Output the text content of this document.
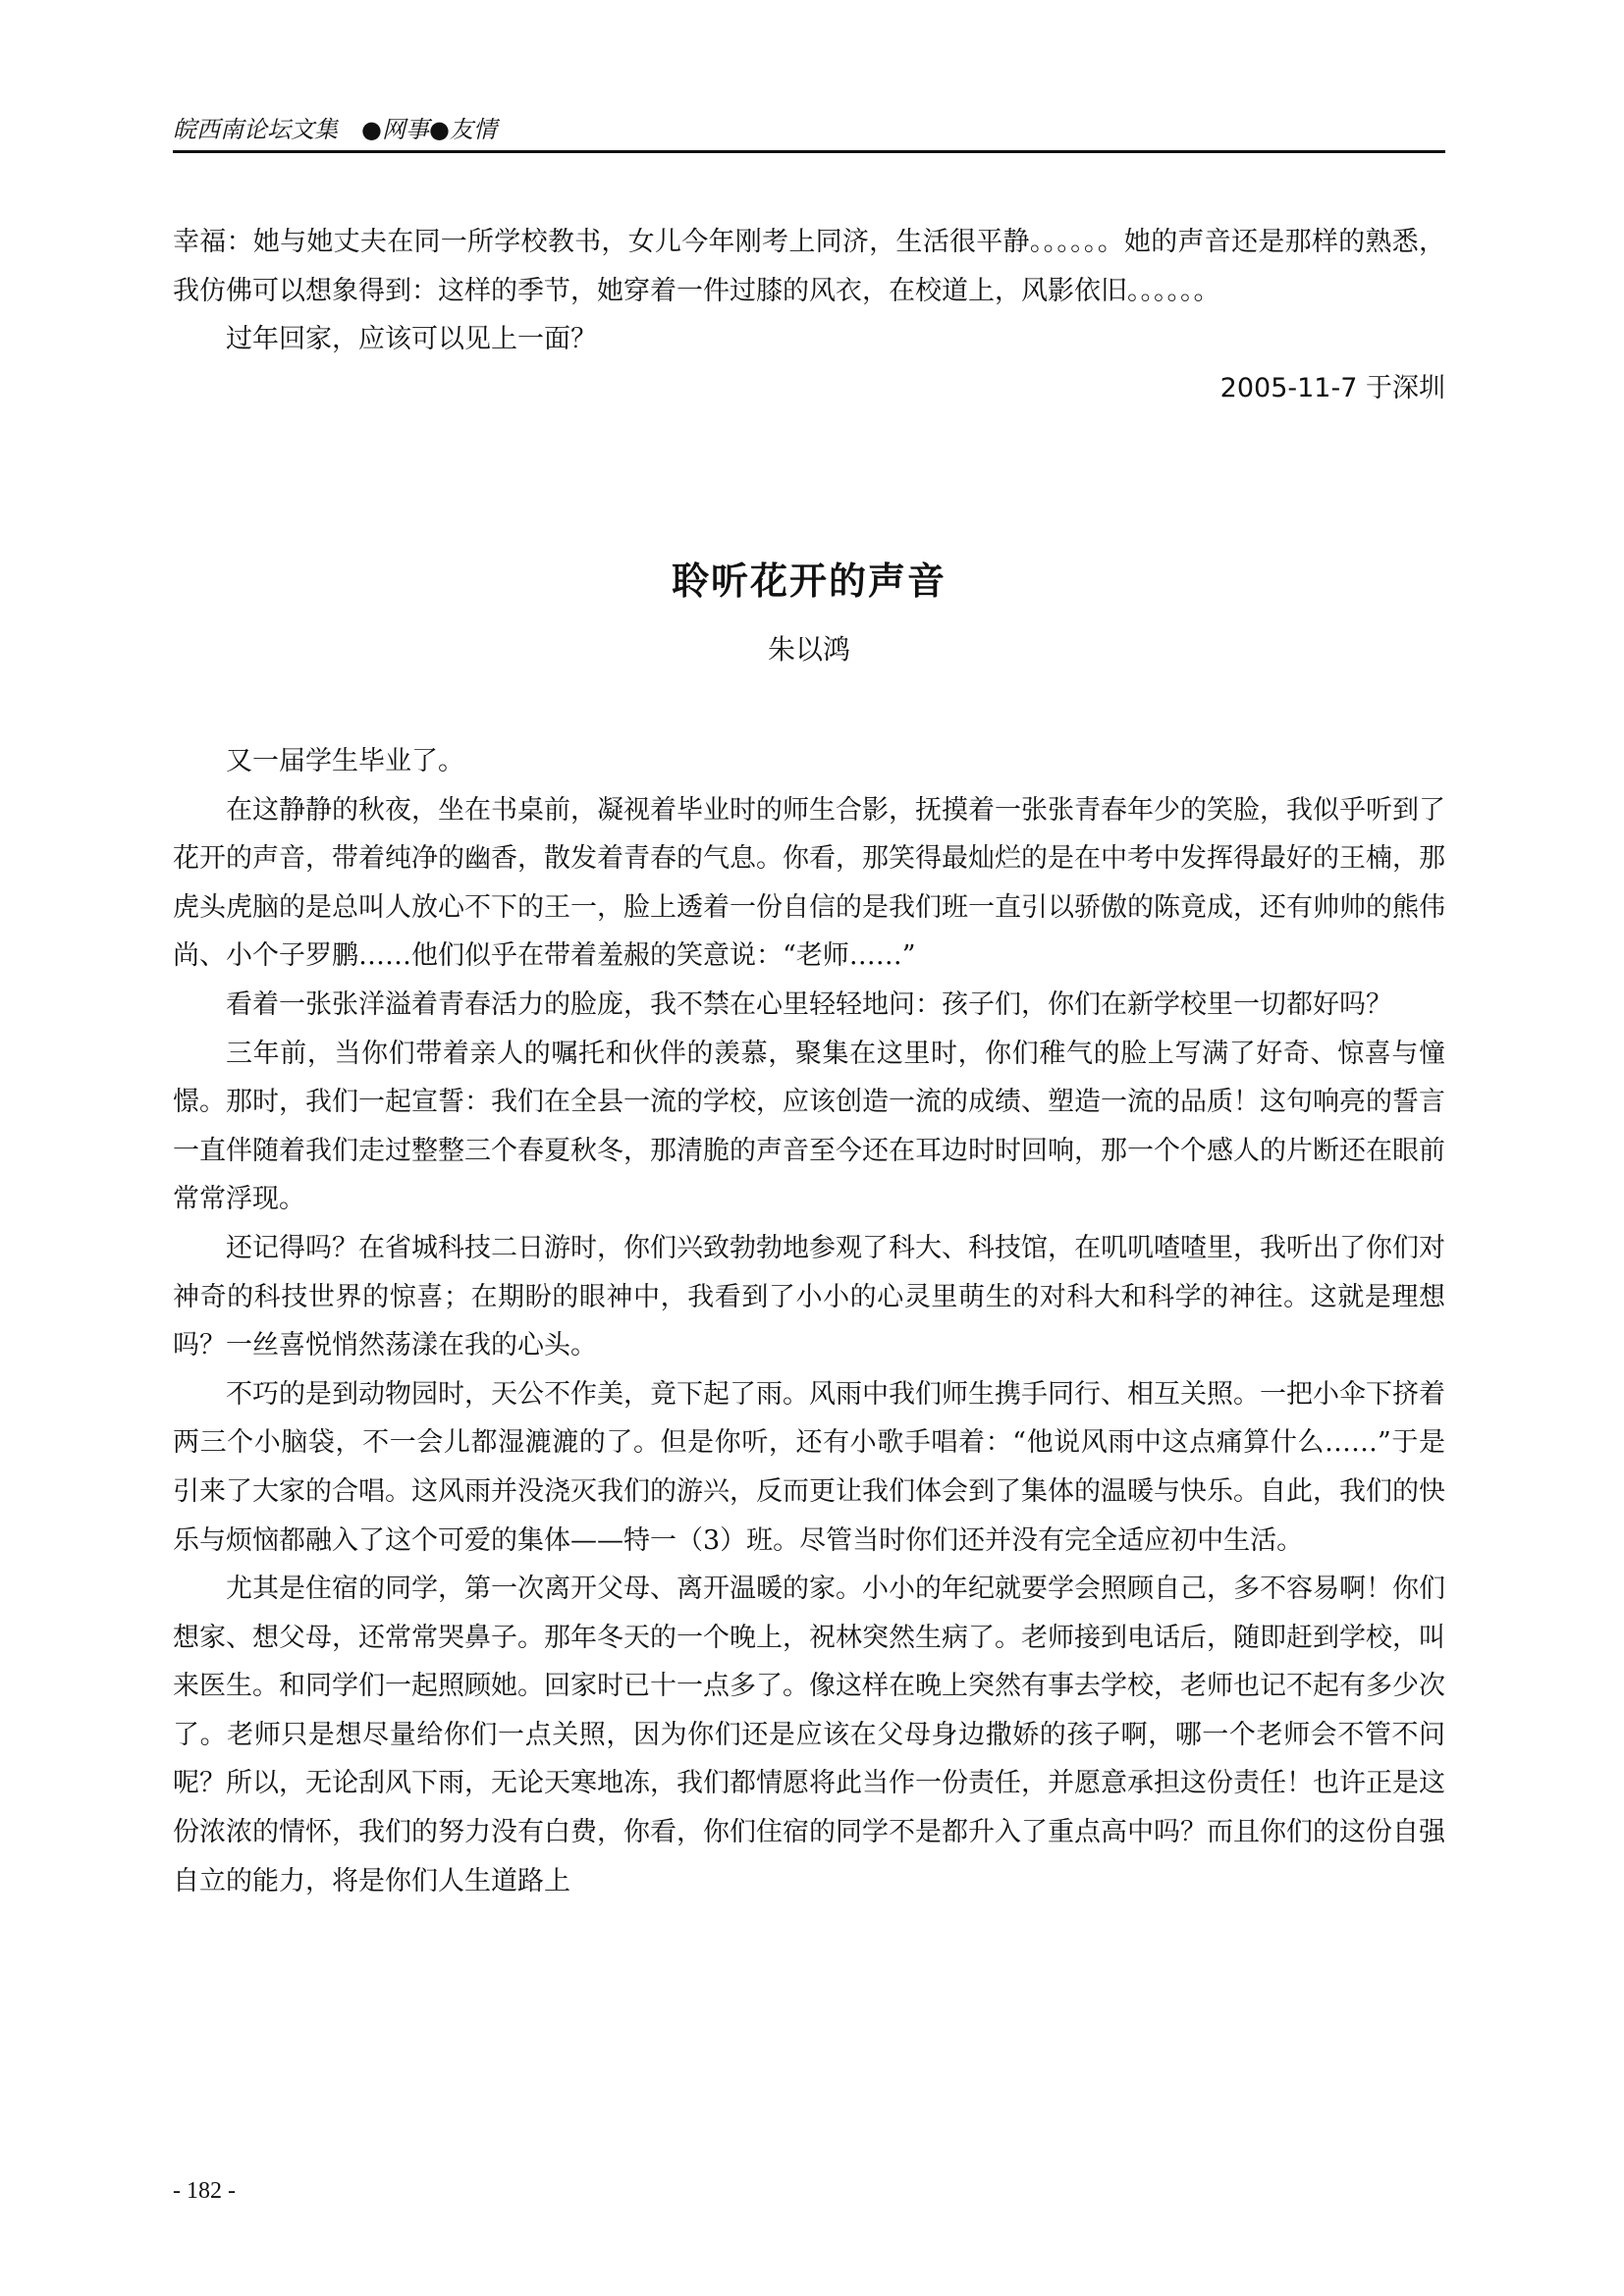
皖西南论坛文集　●网事●友情

幸福：她与她丈夫在同一所学校教书，女儿今年刚考上同济，生活很平静。。。。。。她的声音还是那样的熟悉，我仿佛可以想象得到：这样的季节，她穿着一件过膝的风衣，在校道上，风影依旧。。。。。。

过年回家，应该可以见上一面？

2005-11-7 于深圳
聆听花开的声音
朱以鸿

又一届学生毕业了。

在这静静的秋夜，坐在书桌前，凝视着毕业时的师生合影，抚摸着一张张青春年少的笑脸，我似乎听到了花开的声音，带着纯净的幽香，散发着青春的气息。你看，那笑得最灿烂的是在中考中发挥得最好的王楠，那虎头虎脑的是总叫人放心不下的王一，脸上透着一份自信的是我们班一直引以骄傲的陈竟成，还有帅帅的熊伟尚、小个子罗鹏……他们似乎在带着羞赧的笑意说：“老师……”

看着一张张洋溢着青春活力的脸庞，我不禁在心里轻轻地问：孩子们，你们在新学校里一切都好吗？

三年前，当你们带着亲人的嘱托和伙伴的羡慕，聚集在这里时，你们稚气的脸上写满了好奇、惊喜与憧憬。那时，我们一起宣誓：我们在全县一流的学校，应该创造一流的成绩、塑造一流的品质！这句响亮的誓言一直伴随着我们走过整整三个春夏秋冬，那清脆的声音至今还在耳边时时回响，那一个个感人的片断还在眼前常常浮现。

还记得吗？在省城科技二日游时，你们兴致勃勃地参观了科大、科技馆，在叽叽喳喳里，我听出了你们对神奇的科技世界的惊喜；在期盼的眼神中，我看到了小小的心灵里萌生的对科大和科学的神往。这就是理想吗？一丝喜悦悄然荡漾在我的心头。

不巧的是到动物园时，天公不作美，竟下起了雨。风雨中我们师生携手同行、相互关照。一把小伞下挤着两三个小脑袋，不一会儿都湿漉漉的了。但是你听，还有小歌手唱着：“他说风雨中这点痛算什么……”于是引来了大家的合唱。这风雨并没浇灭我们的游兴，反而更让我们体会到了集体的温暖与快乐。自此，我们的快乐与烦恼都融入了这个可爱的集体——特一（3）班。尽管当时你们还并没有完全适应初中生活。

尤其是住宿的同学，第一次离开父母、离开温暖的家。小小的年纪就要学会照顾自己，多不容易啊！你们想家、想父母，还常常哭鼻子。那年冬天的一个晚上，祝林突然生病了。老师接到电话后，随即赶到学校，叫来医生。和同学们一起照顾她。回家时已十一点多了。像这样在晚上突然有事去学校，老师也记不起有多少次了。老师只是想尽量给你们一点关照，因为你们还是应该在父母身边撒娇的孩子啊，哪一个老师会不管不问呢？所以，无论刮风下雨，无论天寒地冻，我们都情愿将此当作一份责任，并愿意承担这份责任！也许正是这份浓浓的情怀，我们的努力没有白费，你看，你们住宿的同学不是都升入了重点高中吗？而且你们的这份自强自立的能力，将是你们人生道路上

- 182 -
